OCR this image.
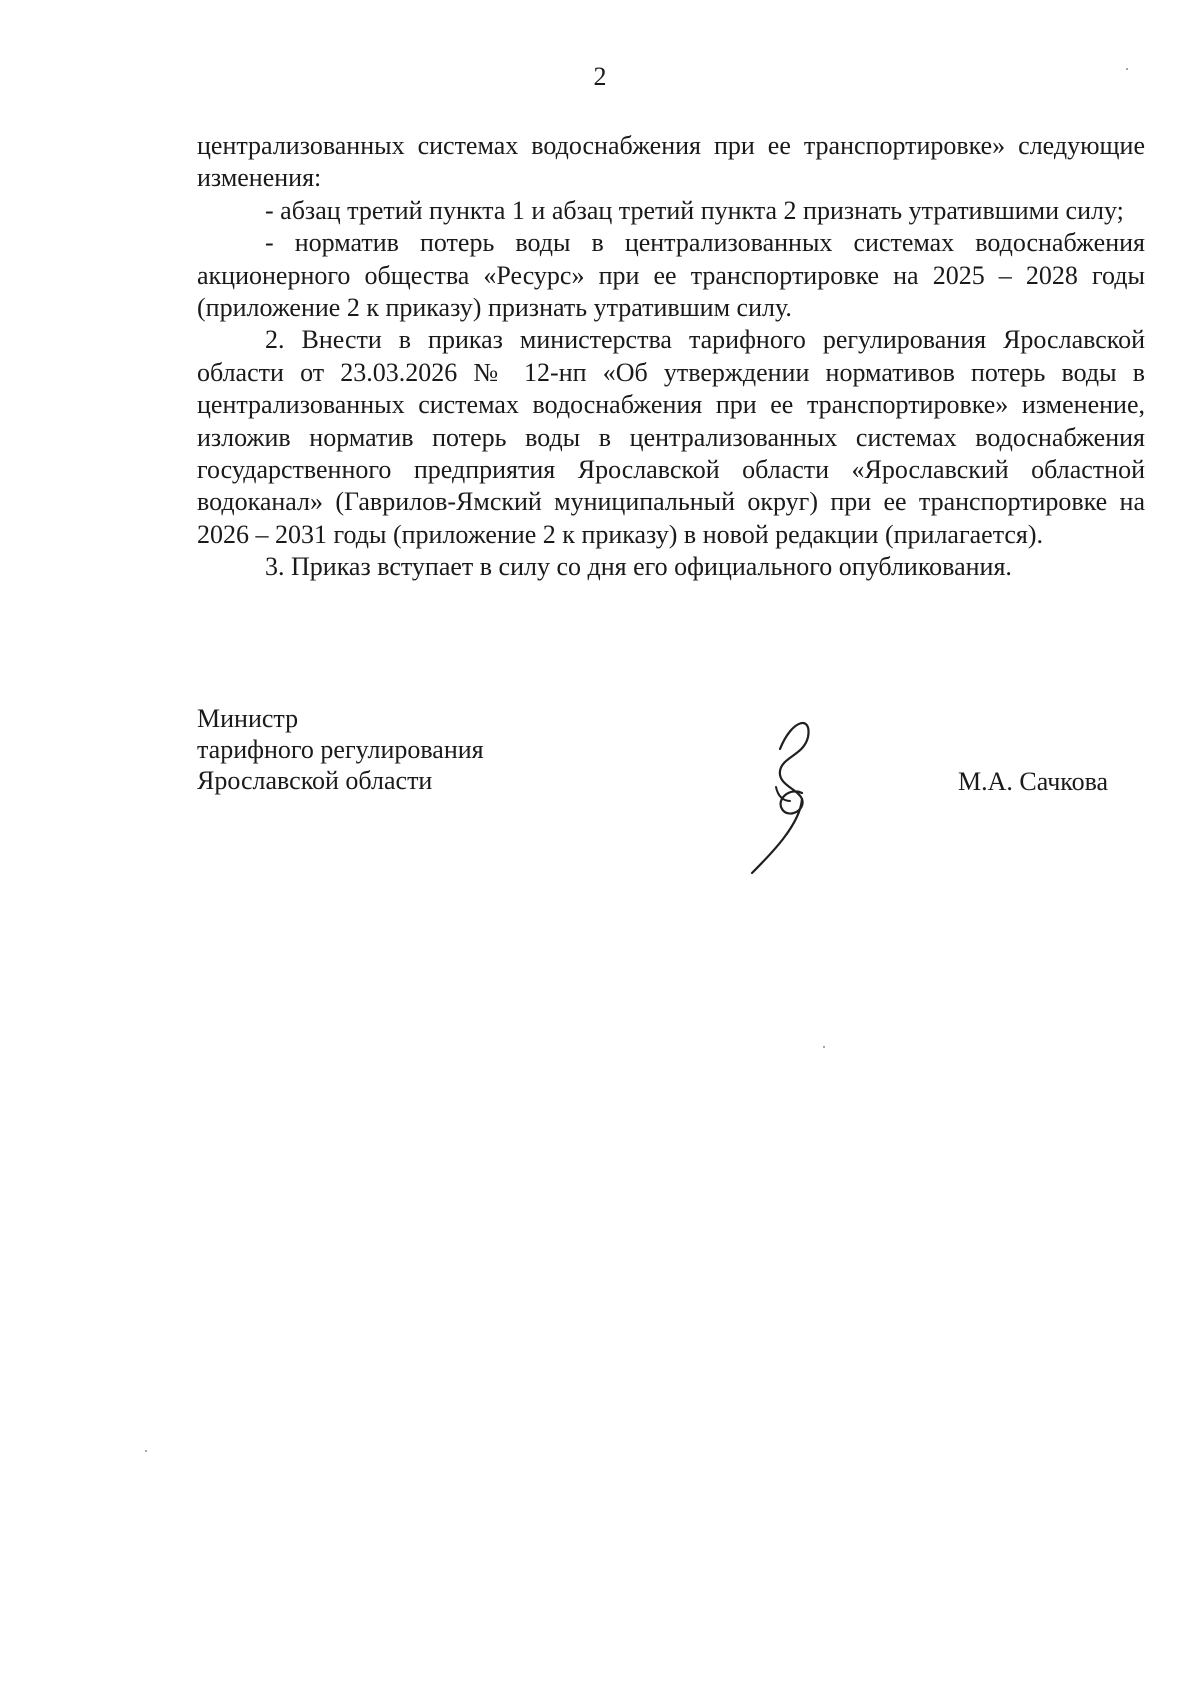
2

централизованных системах водоснабжения при ее транспортировке» следующие изменения:

- абзац третий пункта 1 и абзац третий пункта 2 признать утратившими силу;

- норматив потерь воды в централизованных системах водоснабжения акционерного общества «Ресурс» при ее транспортировке на 2025 – 2028 годы (приложение 2 к приказу) признать утратившим силу.

2. Внести в приказ министерства тарифного регулирования Ярославской области от 23.03.2026 № 12-нп «Об утверждении нормативов потерь воды в централизованных системах водоснабжения при ее транспортировке» изменение, изложив норматив потерь воды в централизованных системах водоснабжения государственного предприятия Ярославской области «Ярославский областной водоканал» (Гаврилов-Ямский муниципальный округ) при ее транспортировке на 2026 – 2031 годы (приложение 2 к приказу) в новой редакции (прилагается).

3. Приказ вступает в силу со дня его официального опубликования.

Министр
тарифного регулирования
Ярославской области	М.А. Сачкова
